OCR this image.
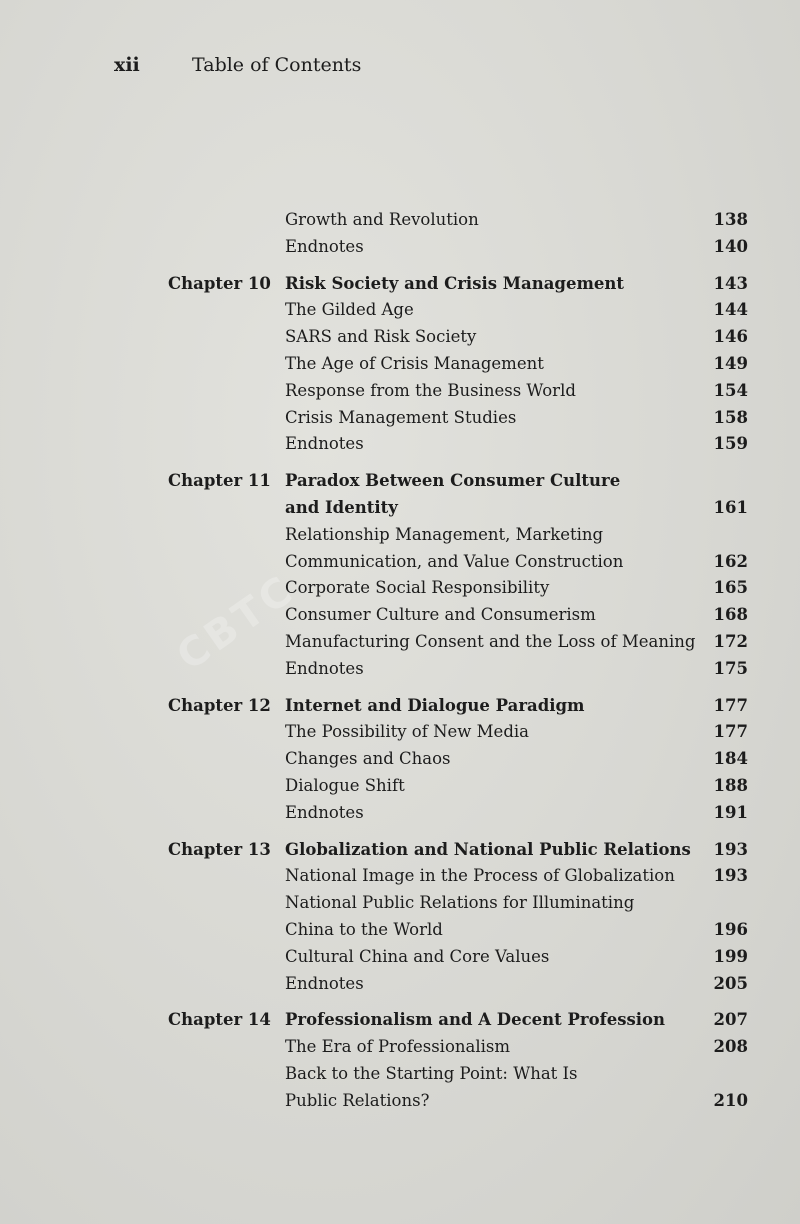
CBTC
xii	Table of Contents
Growth and Revolution	138
Endnotes	140
Chapter 10 Risk Society and Crisis Management	143
The Gilded Age	144
SARS and Risk Society	146
The Age of Crisis Management	149
Response from the Business World	154
Crisis Management Studies	158
Endnotes	159
Chapter 11 Paradox Between Consumer Culture
and Identity	161
Relationship Management, Marketing
Communication, and Value Construction	162
Corporate Social Responsibility	165
Consumer Culture and Consumerism	168
Manufacturing Consent and the Loss of Meaning 172
Endnotes	175
Chapter 12 Internet and Dialogue Paradigm	177
The Possibility of New Media	177
Changes and Chaos	184
Dialogue Shift	188
Endnotes	191
Chapter 13 Globalization and National Public Relations 193
National Image in the Process of Globalization 193
National Public Relations for Illuminating
China to the World	196
Cultural China and Core Values	199
Endnotes	205
Chapter 14 Professionalism and A Decent Profession	207
The Era of Professionalism	208
Back to the Starting Point: What Is
Public Relations?	210
